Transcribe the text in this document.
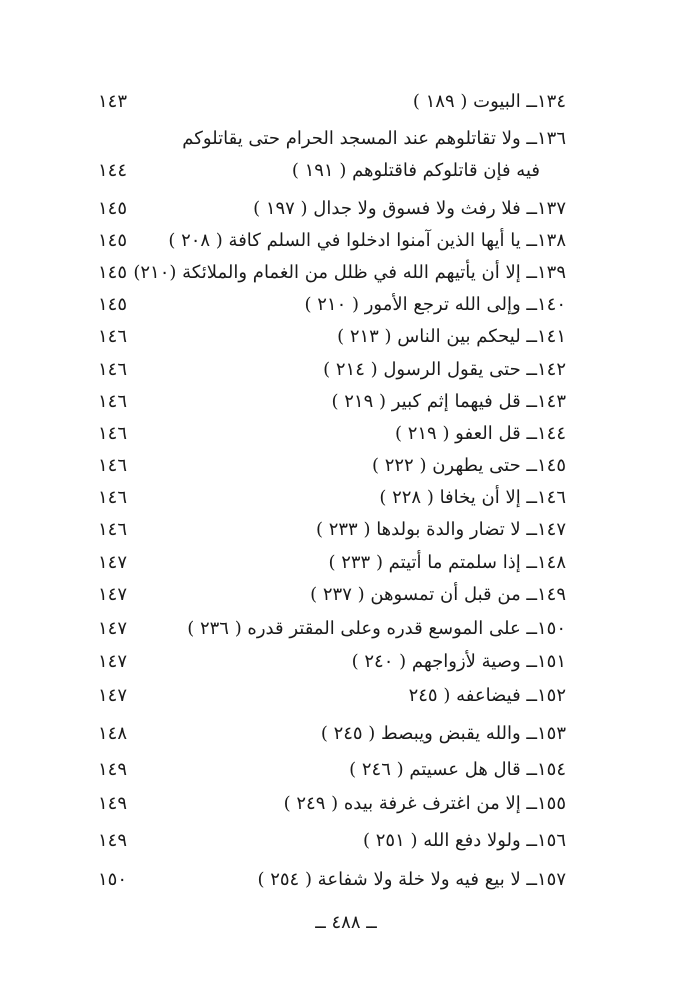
١٣٤ــ البيوت ( ١٨٩ )
١٤٣
١٣٦ــ ولا تقاتلوهم عند المسجد الحرام حتى يقاتلوكم
فيه فإن قاتلوكم فاقتلوهم ( ١٩١ )
١٤٤
١٣٧ــ فلا رفث ولا فسوق ولا جدال ( ١٩٧ )
١٤٥
١٣٨ــ يا أيها الذين آمنوا ادخلوا في السلم كافة ( ٢٠٨ )
١٤٥
١٣٩ــ إلا أن يأتيهم الله في ظلل من الغمام والملائكة (٢١٠)
١٤٥
١٤٠ــ وإلى الله ترجع الأمور ( ٢١٠ )
١٤٥
١٤١ــ ليحكم بين الناس ( ٢١٣ )
١٤٦
١٤٢ــ حتى يقول الرسول ( ٢١٤ )
١٤٦
١٤٣ــ قل فيهما إثم كبير ( ٢١٩ )
١٤٦
١٤٤ــ قل العفو ( ٢١٩ )
١٤٦
١٤٥ــ حتى يطهرن ( ٢٢٢ )
١٤٦
١٤٦ــ إلا أن يخافا ( ٢٢٨ )
١٤٦
١٤٧ــ لا تضار والدة بولدها ( ٢٣٣ )
١٤٦
١٤٨ــ إذا سلمتم ما أتيتم ( ٢٣٣ )
١٤٧
١٤٩ــ من قبل أن تمسوهن ( ٢٣٧ )
١٤٧
١٥٠ــ على الموسع قدره وعلى المقتر قدره ( ٢٣٦ )
١٤٧
١٥١ــ وصية لأزواجهم ( ٢٤٠ )
١٤٧
١٥٢ــ فيضاعفه ( ٢٤٥
١٤٧
١٥٣ــ والله يقبض ويبصط ( ٢٤٥ )
١٤٨
١٥٤ــ قال هل عسيتم ( ٢٤٦ )
١٤٩
١٥٥ــ إلا من اغترف غرفة بيده ( ٢٤٩ )
١٤٩
١٥٦ــ ولولا دفع الله ( ٢٥١ )
١٤٩
١٥٧ــ لا بيع فيه ولا خلة ولا شفاعة ( ٢٥٤ )
١٥٠
ــ ٤٨٨ ــ
